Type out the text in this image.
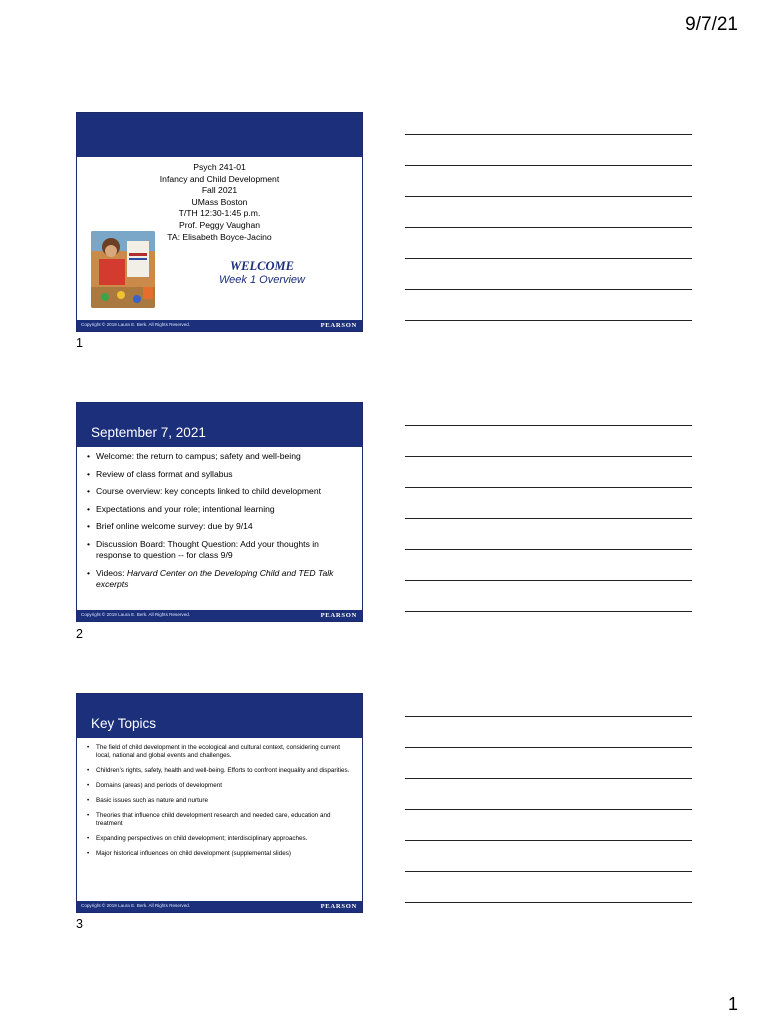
9/7/21
Psych 241-01
Infancy and Child Development
Fall 2021
UMass Boston
T/TH 12:30-1:45 p.m.
Prof. Peggy Vaughan
TA: Elisabeth Boyce-Jacino
WELCOME
Week 1 Overview
Copyright © 2019 Laura E. Berk. All Rights Reserved.	PEARSON
1
September 7, 2021
• Welcome: the return to campus; safety and well-being
• Review of class format and syllabus
• Course overview: key concepts linked to child development
• Expectations and your role; intentional learning
• Brief online welcome survey: due by 9/14
• Discussion Board: Thought Question: Add your thoughts in response to question -- for class 9/9
• Videos: Harvard Center on the Developing Child and TED Talk excerpts
Copyright © 2019 Laura E. Berk. All Rights Reserved.	PEARSON
2
Key Topics
• The field of child development in the ecological and cultural context, considering current local, national and global events and challenges.
• Children’s rights, safety, health and well-being. Efforts to confront inequality and disparities.
• Domains (areas) and periods of development
• Basic issues such as nature and nurture
• Theories that influence child development research and needed care, education and treatment
• Expanding perspectives on child development; interdisciplinary approaches.
• Major historical influences on child development (supplemental slides)
Copyright © 2019 Laura E. Berk. All Rights Reserved.	PEARSON
3
1
